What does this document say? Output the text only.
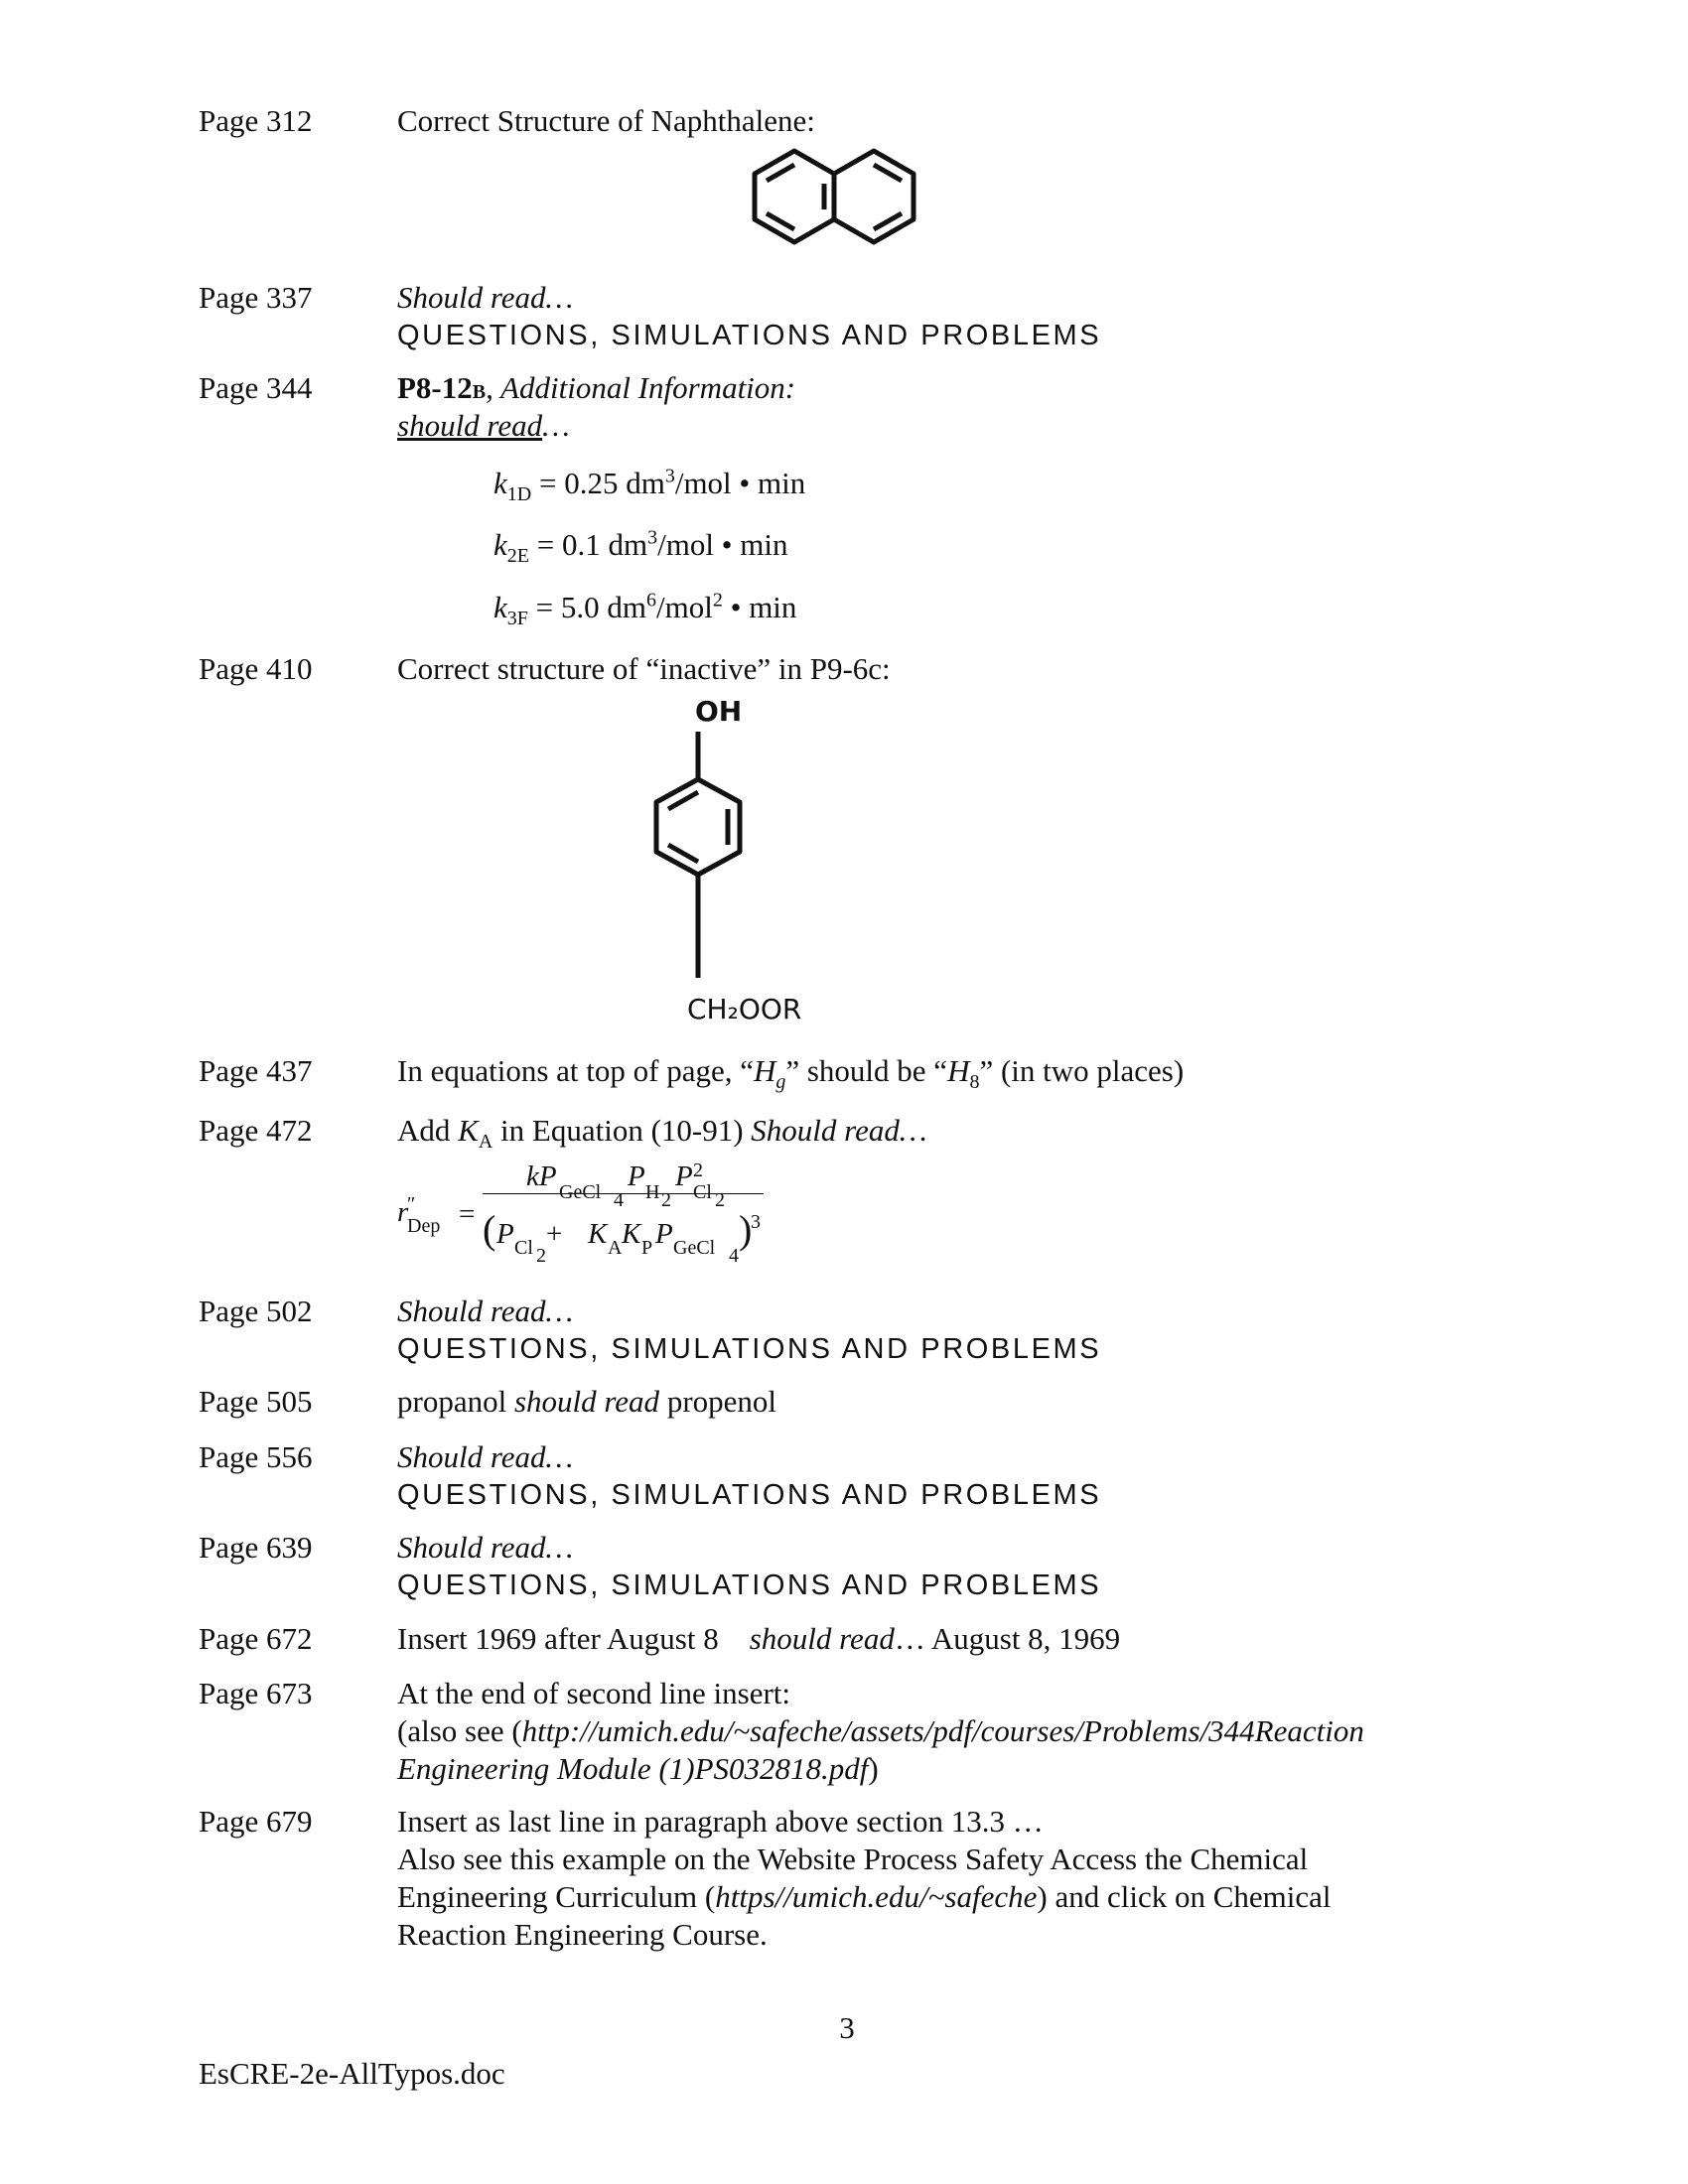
Page 312	Correct Structure of Naphthalene:
Page 337	Should read…
QUESTIONS, SIMULATIONS AND PROBLEMS
Page 344	P8-12B, Additional Information:
should read…
$k_{1D} = 0.25$ $dm^3$/mol • min
$k_{2E} = 0.1$ $dm^3$/mol • min
$k_{3F} = 5.0$ $dm^6/mol^2$ • min
Page 410	Correct structure of “inactive” in P9-6c:
OH
CH₂OOR
Page 437	In equations at top of page, “$H_g$” should be “$H_8$” (in two places)
Page 472	Add $K_A$ in Equation (10-91) Should read…
r
″
Dep =
kP GeCl 4
P H 2
P 2
Cl 2
( P Cl 2
+ K A K P P GeCl 4
)
3
Page 502	Should read…
QUESTIONS, SIMULATIONS AND PROBLEMS
Page 505	propanol should read propenol
Page 556	Should read…
QUESTIONS, SIMULATIONS AND PROBLEMS
Page 639	Should read…
QUESTIONS, SIMULATIONS AND PROBLEMS
Page 672	Insert 1969 after August 8    should read… August 8, 1969
Page 673	At the end of second line insert:
(also see (http://umich.edu/~safeche/assets/pdf/courses/Problems/344Reaction Engineering Module (1)PS032818.pdf)
Page 679	Insert as last line in paragraph above section 13.3 …
Also see this example on the Website Process Safety Access the Chemical Engineering Curriculum (https//umich.edu/~safeche) and click on Chemical Reaction Engineering Course.
3
EsCRE-2e-AllTypos.doc
